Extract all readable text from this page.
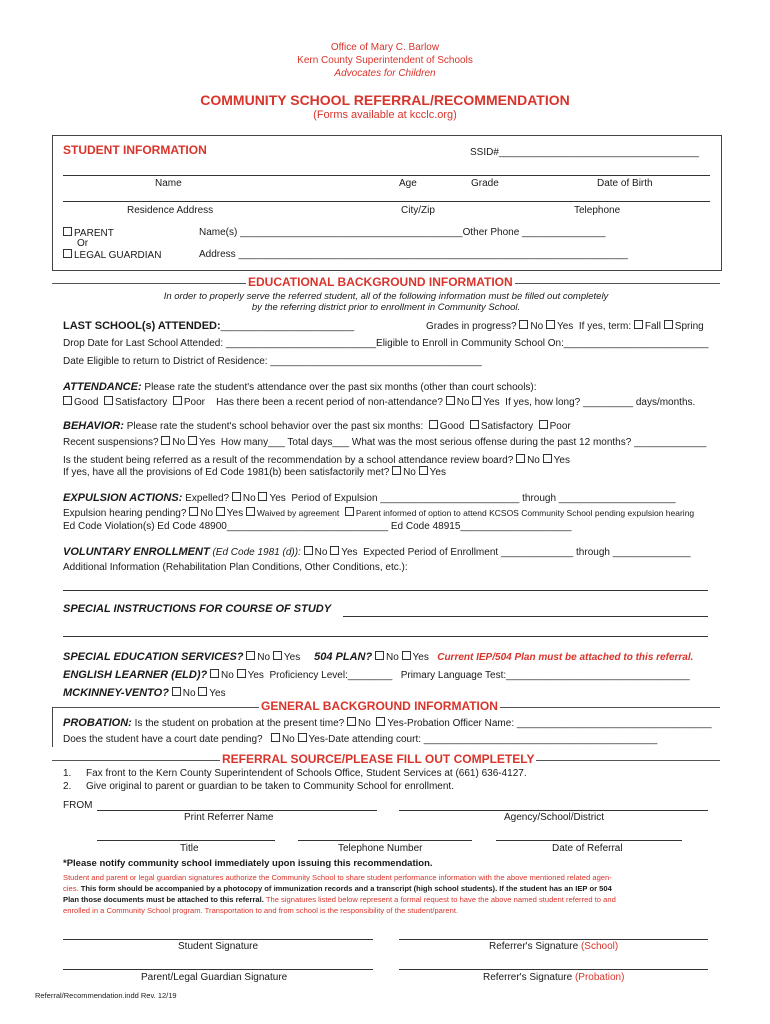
Office of Mary C. Barlow
Kern County Superintendent of Schools
Advocates for Children
COMMUNITY SCHOOL REFERRAL/RECOMMENDATION
(Forms available at kcclc.org)
STUDENT INFORMATION	SSID#____________________________________
Name	Age	Grade	Date of Birth
Residence Address	City/Zip	Telephone
PARENT
Or
LEGAL GUARDIAN
Name(s) ________________________________________Other Phone _______________
Address ______________________________________________________________________
EDUCATIONAL BACKGROUND INFORMATION
In order to properly serve the referred student, all of the following information must be filled out completely
by the referring district prior to enrollment in Community School.
LAST SCHOOL(s) ATTENDED:________________________	Grades in progress? No Yes If yes, term: Fall Spring
Drop Date for Last School Attended: ___________________________Eligible to Enroll in Community School On:__________________________
Date Eligible to return to District of Residence: ______________________________________
ATTENDANCE: Please rate the student's attendance over the past six months (other than court schools):
Good Satisfactory Poor Has there been a recent period of non-attendance? No Yes If yes, how long? _________ days/months.
BEHAVIOR: Please rate the student's school behavior over the past six months: Good Satisfactory Poor
Recent suspensions? No Yes How many___ Total days___ What was the most serious offense during the past 12 months? _____________
Is the student being referred as a result of the recommendation by a school attendance review board? No Yes
If yes, have all the provisions of Ed Code 1981(b) been satisfactorily met? No Yes
EXPULSION ACTIONS: Expelled? No Yes Period of Expulsion _________________________ through _____________________
Expulsion hearing pending? No Yes Waived by agreement Parent informed of option to attend KCSOS Community School pending expulsion hearing
Ed Code Violation(s) Ed Code 48900_____________________________ Ed Code 48915____________________
VOLUNTARY ENROLLMENT (Ed Code 1981 (d)): No Yes Expected Period of Enrollment _____________ through ______________
Additional Information (Rehabilitation Plan Conditions, Other Conditions, etc.):
SPECIAL INSTRUCTIONS FOR COURSE OF STUDY
SPECIAL EDUCATION SERVICES? No Yes 504 PLAN? No Yes Current IEP/504 Plan must be attached to this referral.
ENGLISH LEARNER (ELD)? No Yes Proficiency Level:________ Primary Language Test:_________________________________
MCKINNEY-VENTO? No Yes
GENERAL BACKGROUND INFORMATION
PROBATION: Is the student on probation at the present time? No Yes-Probation Officer Name: ___________________________________
Does the student have a court date pending? No Yes-Date attending court: __________________________________________
REFERRAL SOURCE/PLEASE FILL OUT COMPLETELY
1. Fax front to the Kern County Superintendent of Schools Office, Student Services at (661) 636-4127.
2. Give original to parent or guardian to be taken to Community School for enrollment.
FROM
Print Referrer Name	Agency/School/District
Title	Telephone Number	Date of Referral
*Please notify community school immediately upon issuing this recommendation.
Student and parent or legal guardian signatures authorize the Community School to share student performance information with the above mentioned related agen-
cies. This form should be accompanied by a photocopy of immunization records and a transcript (high school students). If the student has an IEP or 504
Plan those documents must be attached to this referral. The signatures listed below represent a formal request to have the above named student referred to and
enrolled in a Community School program. Transportation to and from school is the responsibility of the student/parent.
Student Signature	Referrer's Signature (School)
Parent/Legal Guardian Signature	Referrer's Signature (Probation)
Referral/Recommendation.indd Rev. 12/19
